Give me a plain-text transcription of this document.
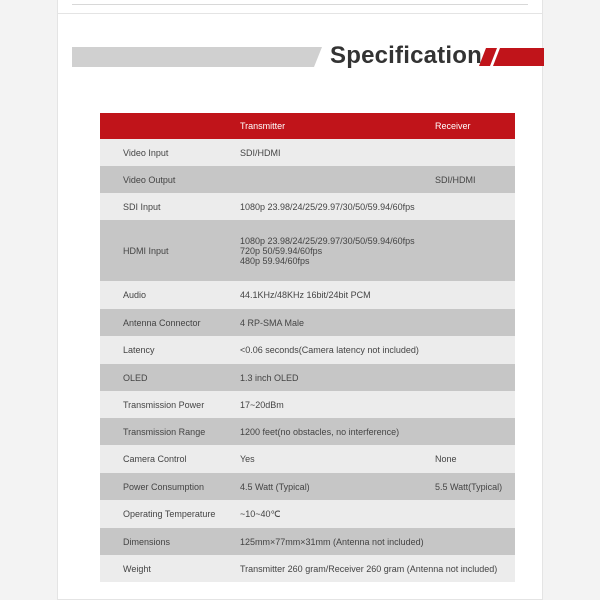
Specification
	Transmitter	Receiver
Video Input	SDI/HDMI	

Video Output		SDI/HDMI
SDI Input	1080p 23.98/24/25/29.97/30/50/59.94/60fps	

HDMI Input	1080p 23.98/24/25/29.97/30/50/59.94/60fps
720p 50/59.94/60fps
480p 59.94/60fps	

Audio	44.1KHz/48KHz 16bit/24bit PCM	

Antenna Connector	4 RP-SMA Male	

Latency	<0.06 seconds(Camera latency not included)	

OLED	1.3 inch OLED	

Transmission Power	17~20dBm	

Transmission Range	1200 feet(no obstacles, no interference)	

Camera Control	Yes	None
Power Consumption	4.5 Watt (Typical)	5.5 Watt(Typical)
Operating Temperature	~10~40℃	

Dimensions	125mm×77mm×31mm (Antenna not included)	

Weight	Transmitter 260 gram/Receiver 260 gram (Antenna not included)	
